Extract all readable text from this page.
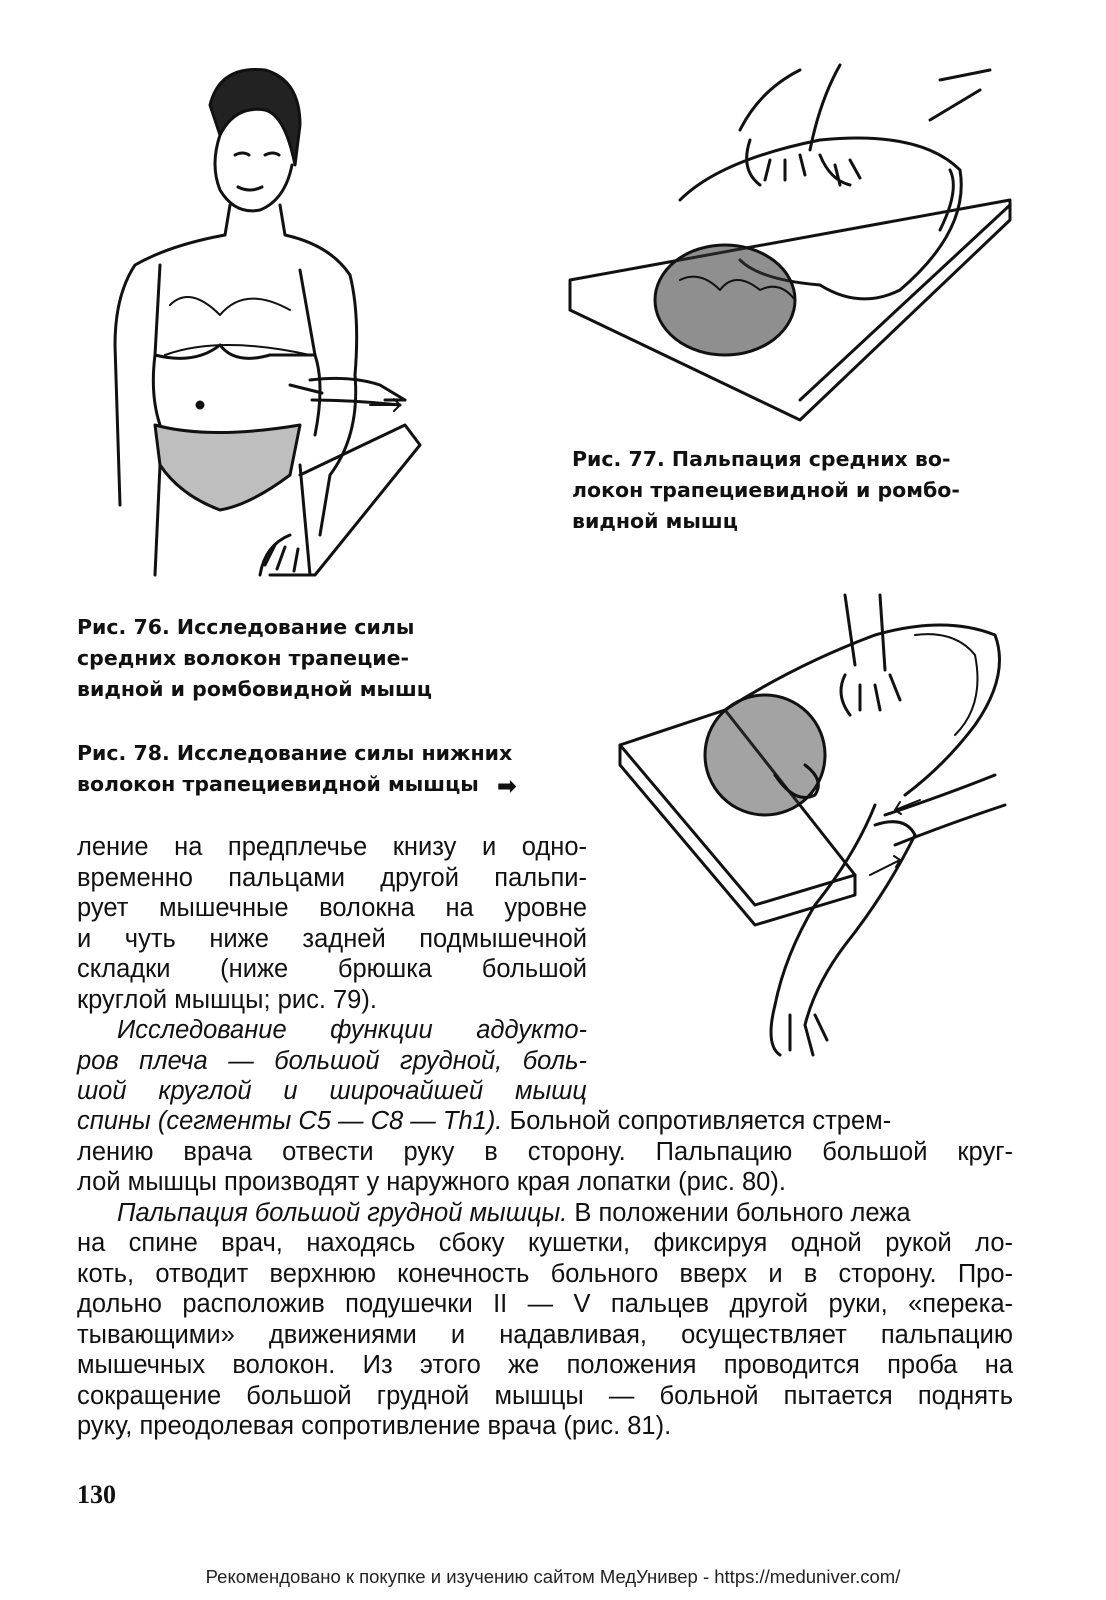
Рис. 77. Пальпация средних во-
локон трапециевидной и ромбо-
видной мышц
Рис. 76. Исследование силы
средних волокон трапецие-
видной и ромбовидной мышц
Рис. 78. Исследование силы нижних
волокон трапециевидной мышцы ➡
ление на предплечье книзу и одно-
временно пальцами другой пальпи-
рует мышечные волокна на уровне
и чуть ниже задней подмышечной
складки (ниже брюшка большой
круглой мышцы; рис. 79).
Исследование функции аддукто-
ров плеча — большой грудной, боль-
шой круглой и широчайшей мышц
спины (сегменты C5 — C8 — Th1). Больной сопротивляется стрем-
лению врача отвести руку в сторону. Пальпацию большой круг-
лой мышцы производят у наружного края лопатки (рис. 80).
Пальпация большой грудной мышцы. В положении больного лежа
на спине врач, находясь сбоку кушетки, фиксируя одной рукой ло-
коть, отводит верхнюю конечность больного вверх и в сторону. Про-
дольно расположив подушечки II — V пальцев другой руки, «перека-
тывающими» движениями и надавливая, осуществляет пальпацию
мышечных волокон. Из этого же положения проводится проба на
сокращение большой грудной мышцы — больной пытается поднять
руку, преодолевая сопротивление врача (рис. 81).
130
Рекомендовано к покупке и изучению сайтом МедУнивер - https://meduniver.com/
